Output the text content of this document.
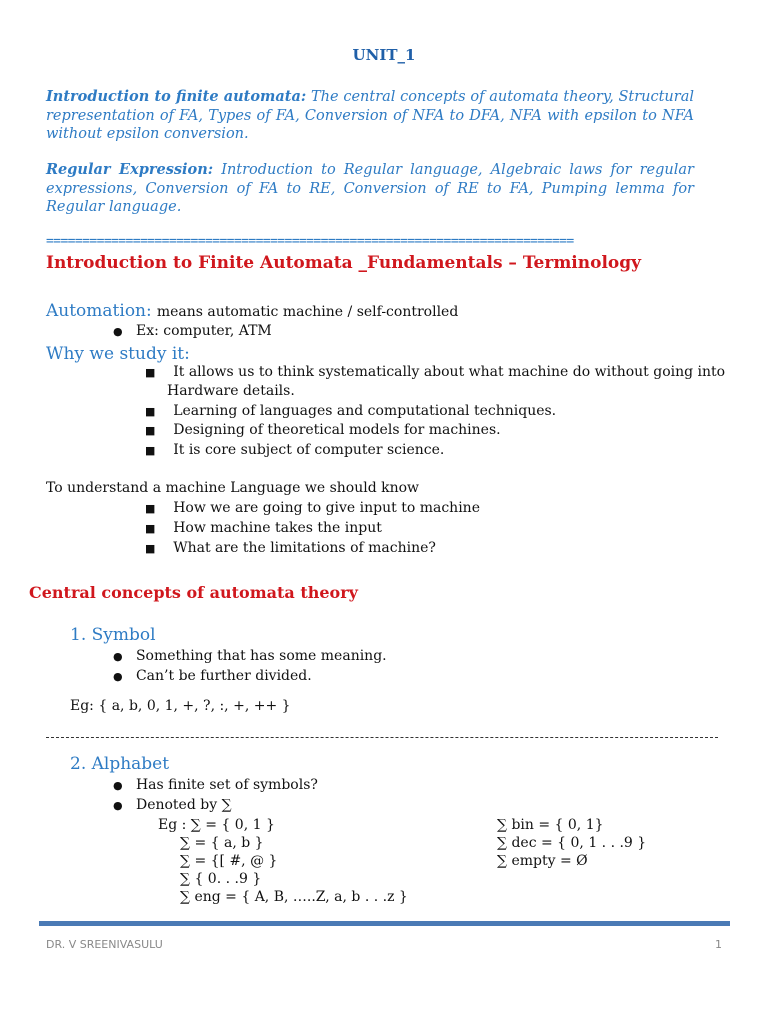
UNIT_1
Introduction to finite automata: The central concepts of automata theory, Structural representation of FA, Types of FA, Conversion of NFA to DFA, NFA with epsilon to NFA without epsilon conversion.
Regular Expression: Introduction to Regular language, Algebraic laws for regular expressions, Conversion of FA to RE, Conversion of RE to FA, Pumping lemma for Regular language.
=========================================================================
Introduction to Finite Automata _Fundamentals – Terminology
Automation: means automatic machine / self-controlled
● Ex: computer, ATM
Why we study it:
■ It allows us to think systematically about what machine do without going into
Hardware details.
■ Learning of languages and computational techniques.
■ Designing of theoretical models for machines.
■ It is core subject of computer science.
To understand a machine Language we should know
■ How we are going to give input to machine
■ How machine takes the input
■ What are the limitations of machine?
Central concepts of automata theory
1. Symbol
● Something that has some meaning.
● Can’t be further divided.
Eg: { a, b, 0, 1, +, ?, :, +, ++ }
2. Alphabet
● Has finite set of symbols?
● Denoted by ∑
Eg : ∑ = { 0, 1 }
∑ = { a, b }
∑ = {[ #, @ }
∑ { 0. . .9 }
∑ eng = { A, B, …..Z, a, b . . .z }
∑ bin = { 0, 1}
∑ dec = { 0, 1 . . .9 }
∑ empty = Ø
DR. V SREENIVASULU	1
